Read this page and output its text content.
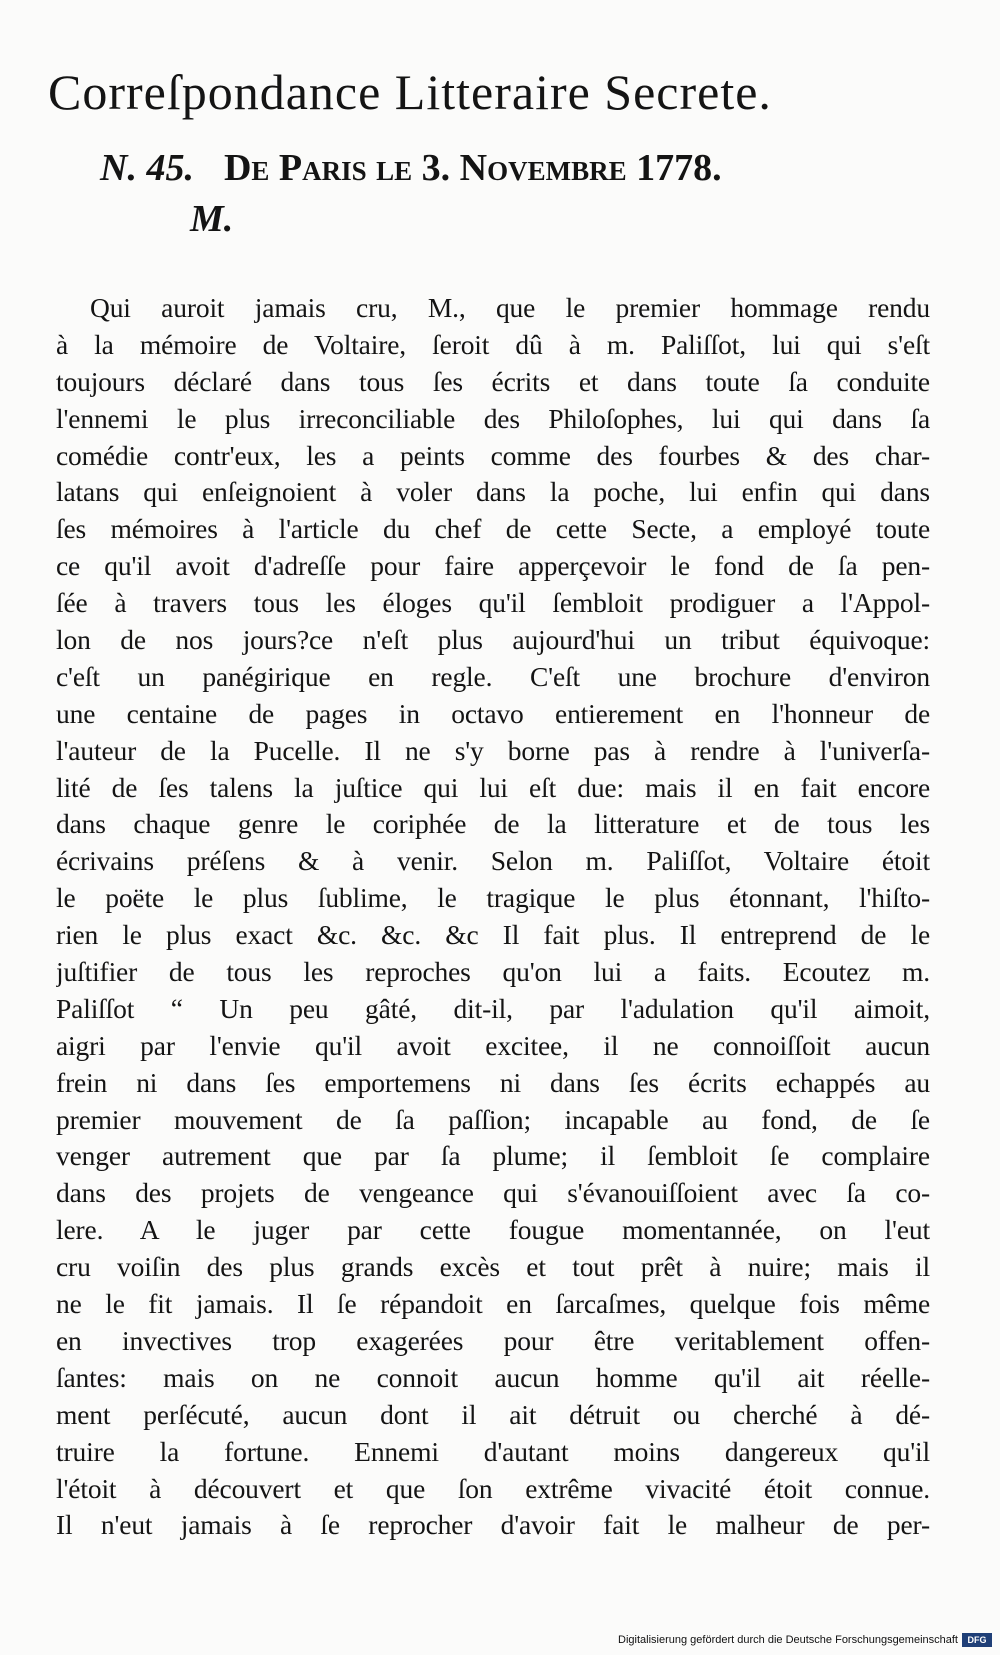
Correſpondance Litteraire Secrete.
N. 45. De Paris le 3. Novembre 1778.
M.
Qui auroit jamais cru, M., que le premier hommage rendu
à la mémoire de Voltaire, ſeroit dû à m. Paliſſot, lui qui s'eſt
toujours déclaré dans tous ſes écrits et dans toute ſa conduite
l'ennemi le plus irreconciliable des Philoſophes, lui qui dans ſa
comédie contr'eux, les a peints comme des fourbes & des char-
latans qui enſeignoient à voler dans la poche, lui enfin qui dans
ſes mémoires à l'article du chef de cette Secte, a employé toute
ce qu'il avoit d'adreſſe pour faire apperçevoir le fond de ſa pen-
ſée à travers tous les éloges qu'il ſembloit prodiguer a l'Appol-
lon de nos jours?ce n'eſt plus aujourd'hui un tribut équivoque:
c'eſt un panégirique en regle. C'eſt une brochure d'environ
une centaine de pages in octavo entierement en l'honneur de
l'auteur de la Pucelle. Il ne s'y borne pas à rendre à l'univerſa-
lité de ſes talens la juſtice qui lui eſt due: mais il en fait encore
dans chaque genre le coriphée de la litterature et de tous les
écrivains préſens & à venir. Selon m. Paliſſot, Voltaire étoit
le poëte le plus ſublime, le tragique le plus étonnant, l'hiſto-
rien le plus exact &c. &c. &c Il fait plus. Il entreprend de le
juſtifier de tous les reproches qu'on lui a faits. Ecoutez m.
Paliſſot “ Un peu gâté, dit-il, par l'adulation qu'il aimoit,
aigri par l'envie qu'il avoit excitee, il ne connoiſſoit aucun
frein ni dans ſes emportemens ni dans ſes écrits echappés au
premier mouvement de ſa paſſion; incapable au fond, de ſe
venger autrement que par ſa plume; il ſembloit ſe complaire
dans des projets de vengeance qui s'évanouiſſoient avec ſa co-
lere. A le juger par cette fougue momentannée, on l'eut
cru voiſin des plus grands excès et tout prêt à nuire; mais il
ne le fit jamais. Il ſe répandoit en ſarcaſmes, quelque fois même
en invectives trop exagerées pour être veritablement offen-
ſantes: mais on ne connoit aucun homme qu'il ait réelle-
ment perſécuté, aucun dont il ait détruit ou cherché à dé-
truire la fortune. Ennemi d'autant moins dangereux qu'il
l'étoit à découvert et que ſon extrême vivacité étoit connue.
Il n'eut jamais à ſe reprocher d'avoir fait le malheur de per-
Digitalisierung gefördert durch die Deutsche Forschungsgemeinschaft	DFG
